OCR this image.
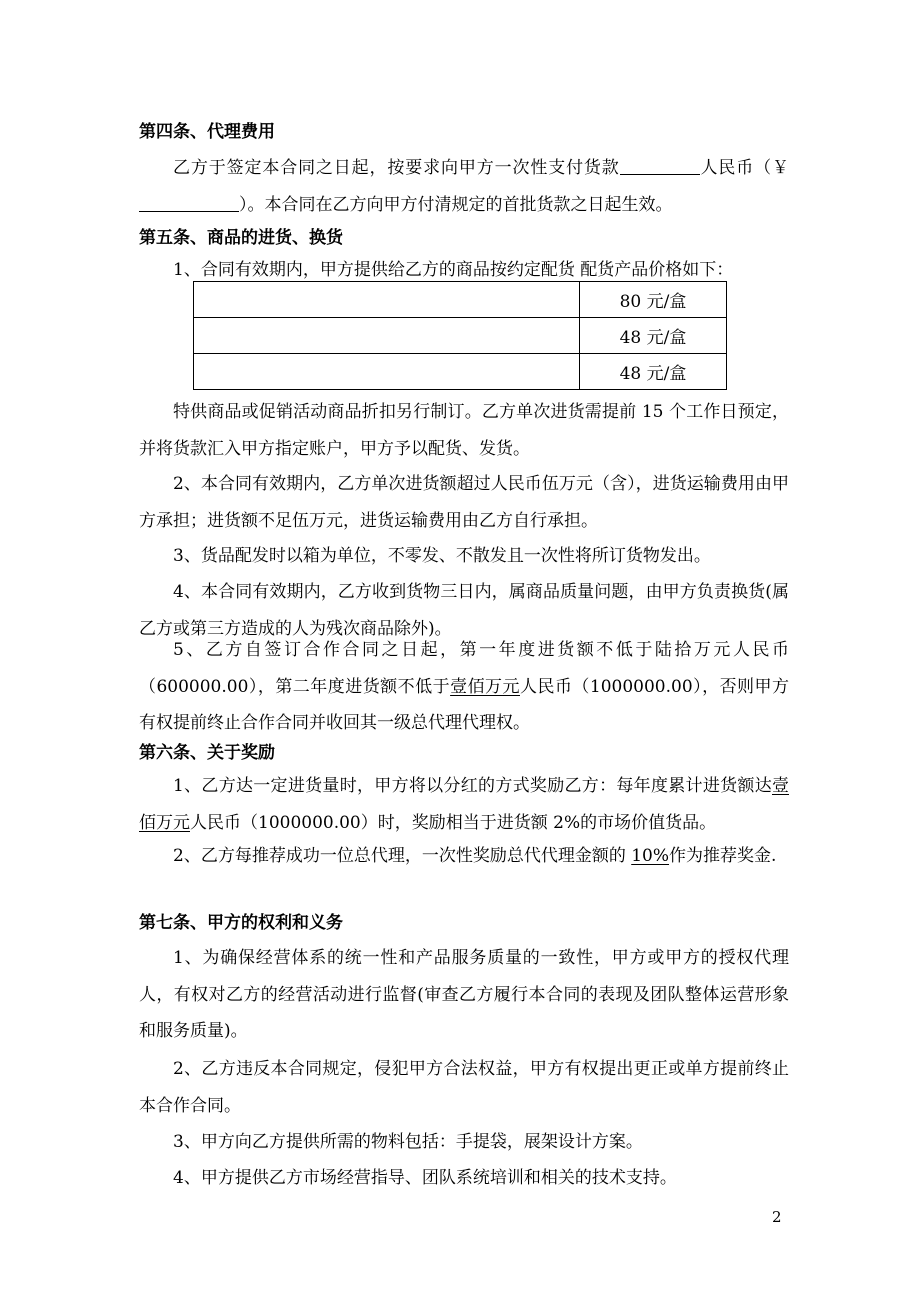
第四条、代理费用
乙方于签定本合同之日起，按要求向甲方一次性支付货款	人民币（￥）。本合同在乙方向甲方付清规定的首批货款之日起生效。
第五条、商品的进货、换货
1、合同有效期内，甲方提供给乙方的商品按约定配货 配货产品价格如下：
	80 元/盒
	48 元/盒
	48 元/盒
特供商品或促销活动商品折扣另行制订。乙方单次进货需提前 15 个工作日预定，并将货款汇入甲方指定账户，甲方予以配货、发货。
2、本合同有效期内，乙方单次进货额超过人民币伍万元（含），进货运输费用由甲方承担；进货额不足伍万元，进货运输费用由乙方自行承担。
3、货品配发时以箱为单位，不零发、不散发且一次性将所订货物发出。
4、本合同有效期内，乙方收到货物三日内，属商品质量问题，由甲方负责换货(属乙方或第三方造成的人为残次商品除外)。
5、乙方自签订合作合同之日起，第一年度进货额不低于陆拾万元人民币（600000.00），第二年度进货额不低于壹佰万元人民币（1000000.00），否则甲方有权提前终止合作合同并收回其一级总代理代理权。
第六条、关于奖励
1、乙方达一定进货量时，甲方将以分红的方式奖励乙方：每年度累计进货额达壹佰万元人民币（1000000.00）时，奖励相当于进货额 2%的市场价值货品。
2、乙方每推荐成功一位总代理，一次性奖励总代代理金额的 10%作为推荐奖金.
第七条、甲方的权利和义务
1、为确保经营体系的统一性和产品服务质量的一致性，甲方或甲方的授权代理人，有权对乙方的经营活动进行监督(审查乙方履行本合同的表现及团队整体运营形象和服务质量)。
2、乙方违反本合同规定，侵犯甲方合法权益，甲方有权提出更正或单方提前终止本合作合同。
3、甲方向乙方提供所需的物料包括：手提袋，展架设计方案。
4、甲方提供乙方市场经营指导、团队系统培训和相关的技术支持。
2
